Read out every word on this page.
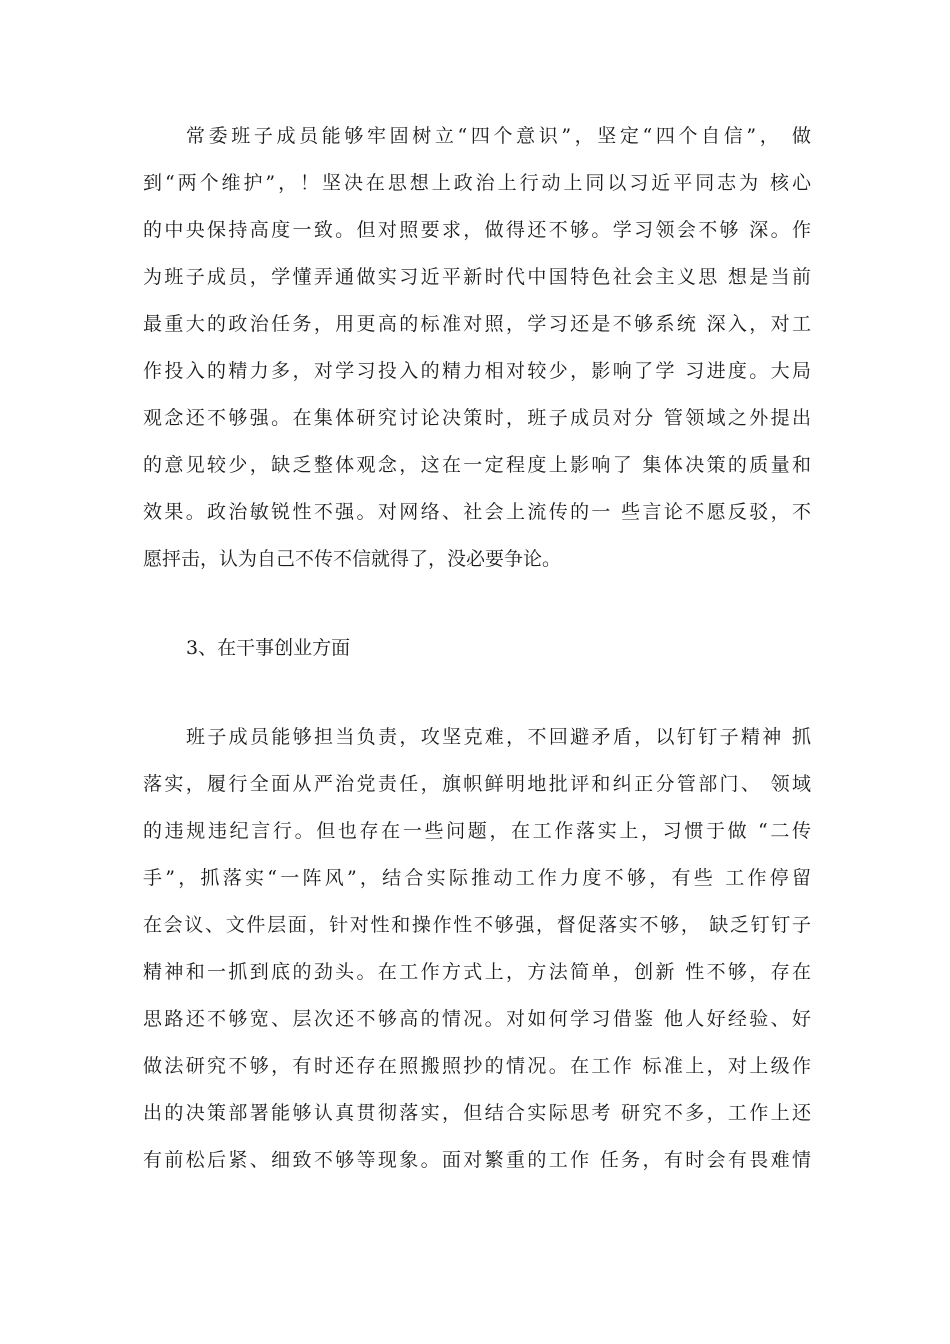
常委班子成员能够牢固树立“四个意识”，坚定“四个自信”， 做
到“两个维护”，！坚决在思想上政治上行动上同以习近平同志为 核心
的中央保持高度一致。但对照要求，做得还不够。学习领会不够 深。作
为班子成员，学懂弄通做实习近平新时代中国特色社会主义思 想是当前
最重大的政治任务，用更高的标准对照，学习还是不够系统 深入，对工
作投入的精力多，对学习投入的精力相对较少，影响了学 习进度。大局
观念还不够强。在集体研究讨论决策时，班子成员对分 管领域之外提出
的意见较少，缺乏整体观念，这在一定程度上影响了 集体决策的质量和
效果。政治敏锐性不强。对网络、社会上流传的一 些言论不愿反驳，不
愿抨击，认为自己不传不信就得了，没必要争论。
3、在干事创业方面
班子成员能够担当负责，攻坚克难，不回避矛盾，以钉钉子精神 抓
落实，履行全面从严治党责任，旗帜鲜明地批评和纠正分管部门、 领域
的违规违纪言行。但也存在一些问题，在工作落实上，习惯于做 “二传
手”，抓落实“一阵风”，结合实际推动工作力度不够，有些 工作停留
在会议、文件层面，针对性和操作性不够强，督促落实不够， 缺乏钉钉子
精神和一抓到底的劲头。在工作方式上，方法简单，创新 性不够，存在
思路还不够宽、层次还不够高的情况。对如何学习借鉴 他人好经验、好
做法研究不够，有时还存在照搬照抄的情况。在工作 标准上，对上级作
出的决策部署能够认真贯彻落实，但结合实际思考 研究不多，工作上还
有前松后紧、细致不够等现象。面对繁重的工作 任务，有时会有畏难情
